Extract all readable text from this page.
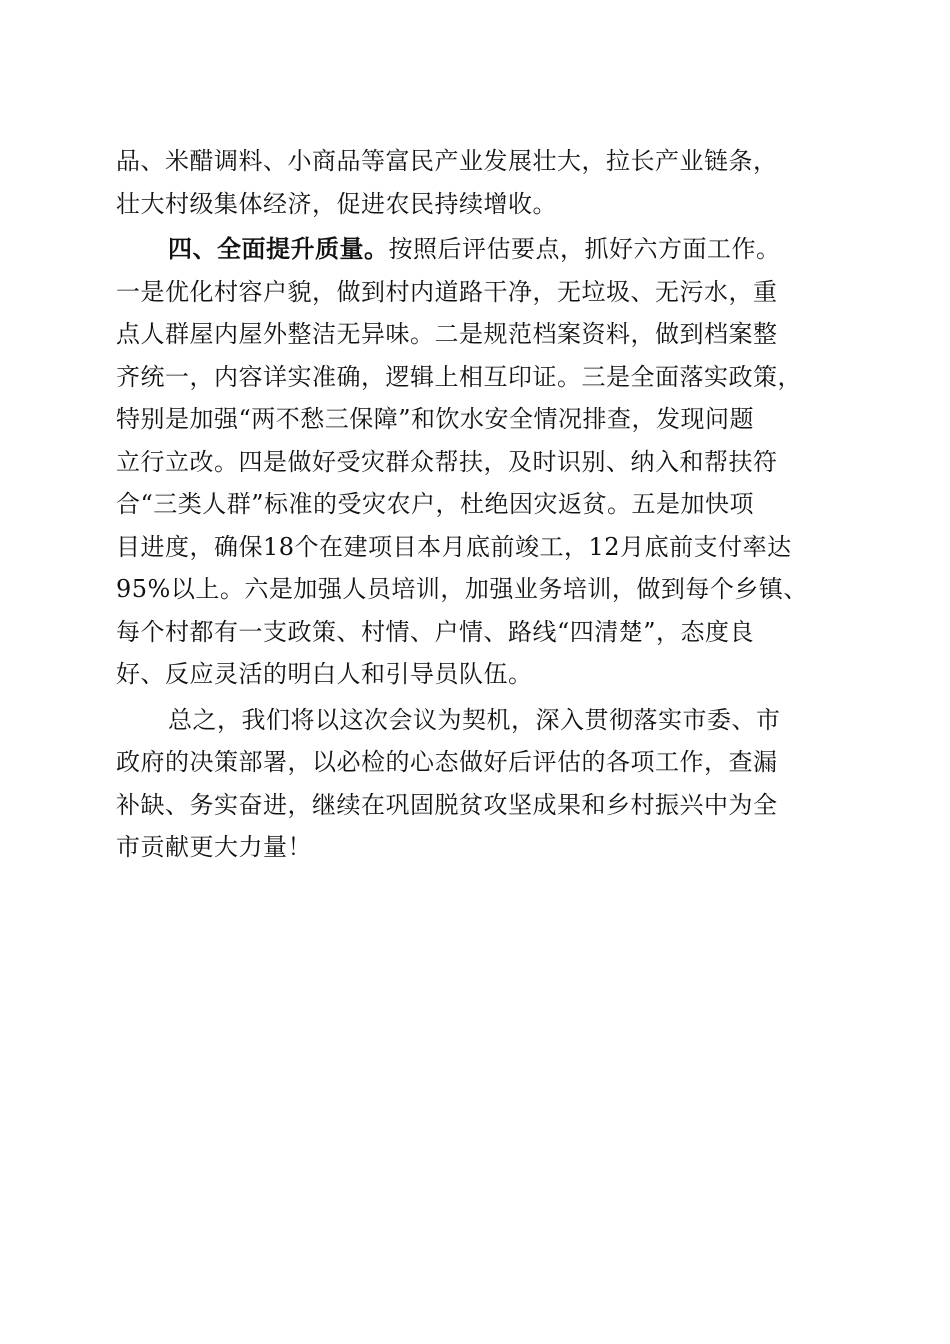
品、米醋调料、小商品等富民产业发展壮大，拉长产业链条，
壮大村级集体经济，促进农民持续增收。
四、全面提升质量。按照后评估要点，抓好六方面工作。
一是优化村容户貌，做到村内道路干净，无垃圾、无污水，重
点人群屋内屋外整洁无异味。二是规范档案资料，做到档案整
齐统一，内容详实准确，逻辑上相互印证。三是全面落实政策，
特别是加强“两不愁三保障”和饮水安全情况排查，发现问题
立行立改。四是做好受灾群众帮扶，及时识别、纳入和帮扶符
合“三类人群”标准的受灾农户，杜绝因灾返贫。五是加快项
目进度，确保18个在建项目本月底前竣工，12月底前支付率达
95%以上。六是加强人员培训，加强业务培训，做到每个乡镇、
每个村都有一支政策、村情、户情、路线“四清楚”，态度良
好、反应灵活的明白人和引导员队伍。
总之，我们将以这次会议为契机，深入贯彻落实市委、市
政府的决策部署，以必检的心态做好后评估的各项工作，查漏
补缺、务实奋进，继续在巩固脱贫攻坚成果和乡村振兴中为全
市贡献更大力量！
